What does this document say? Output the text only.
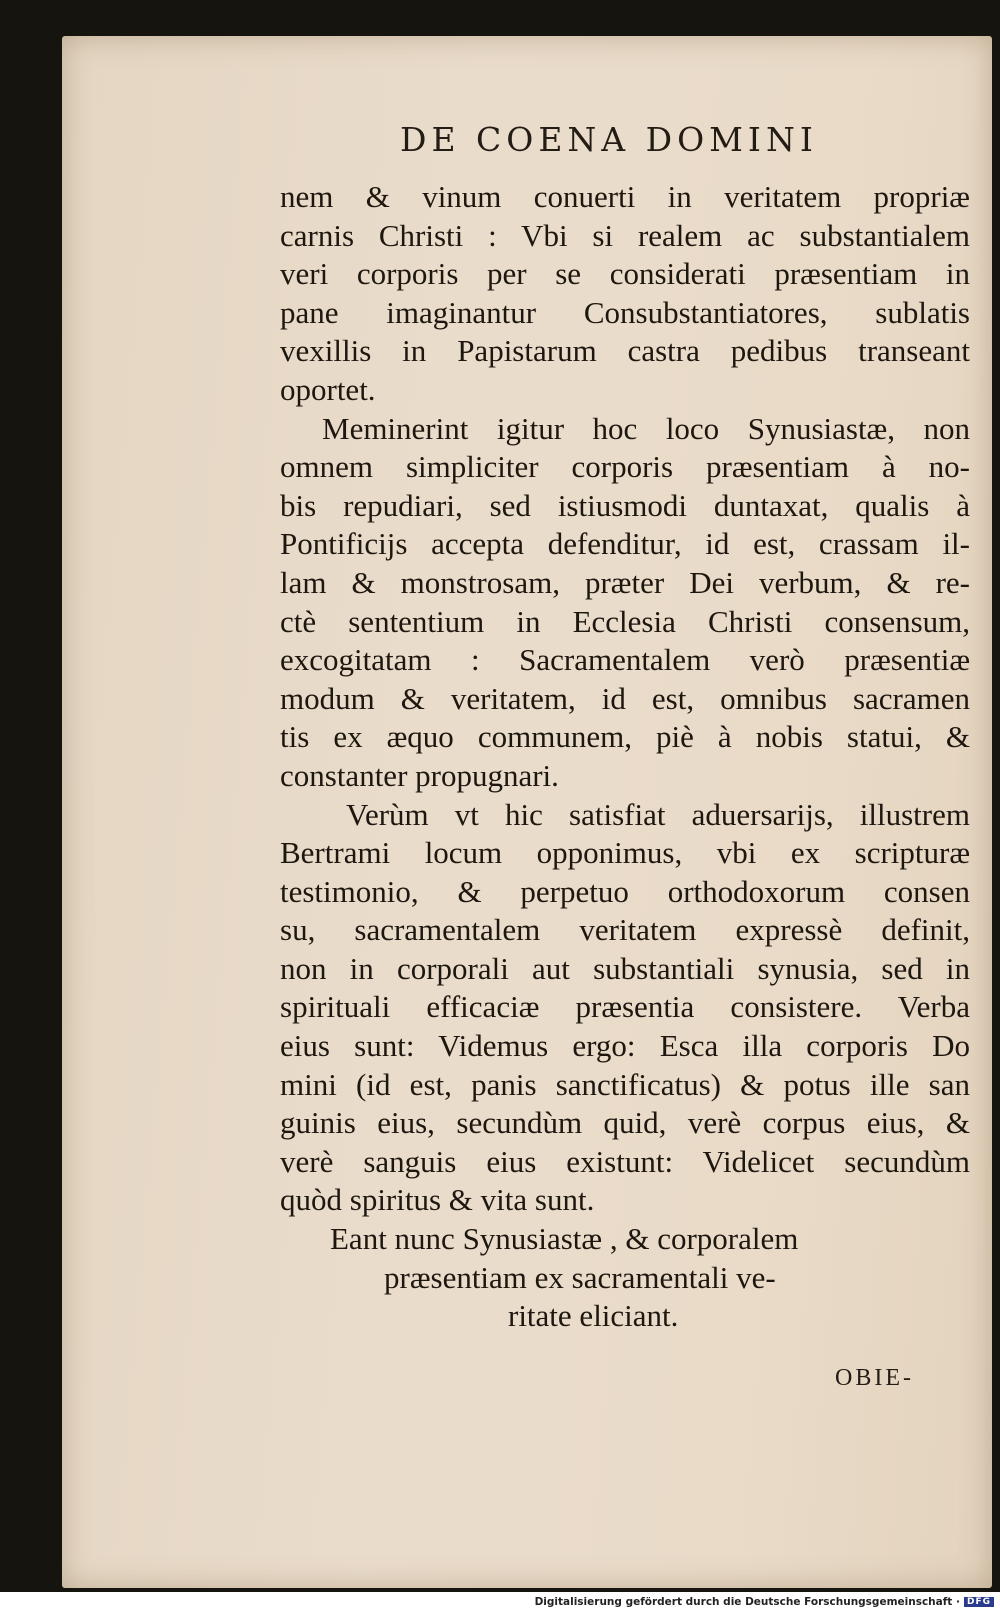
DE COENA DOMINI
nem & vinum conuerti in veritatem propriæ
carnis Christi : Vbi si realem ac substantialem
veri corporis per se considerati præsentiam in
pane imaginantur Consubstantiatores, sublatis
vexillis in Papistarum castra pedibus transeant
oportet.
Meminerint igitur hoc loco Synusiastæ, non
omnem simpliciter corporis præsentiam à no-
bis repudiari, sed istiusmodi duntaxat, qualis à
Pontificijs accepta defenditur, id est, crassam il-
lam & monstrosam, præter Dei verbum, & re-
ctè sententium in Ecclesia Christi consensum,
excogitatam : Sacramentalem verò præsentiæ
modum & veritatem, id est, omnibus sacramen
tis ex æquo communem, piè à nobis statui, &
constanter propugnari.
Verùm vt hic satisfiat aduersarijs, illustrem
Bertrami locum opponimus, vbi ex scripturæ
testimonio, & perpetuo orthodoxorum consen
su, sacramentalem veritatem expressè definit,
non in corporali aut substantiali synusia, sed in
spirituali efficaciæ præsentia consistere. Verba
eius sunt: Videmus ergo: Esca illa corporis Do
mini (id est, panis sanctificatus) & potus ille san
guinis eius, secundùm quid, verè corpus eius, &
verè sanguis eius existunt: Videlicet secundùm
quòd spiritus & vita sunt.
Eant nunc Synusiastæ , & corporalem
præsentiam ex sacramentali ve-
ritate eliciant.
OBIE-
Digitalisierung gefördert durch die Deutsche Forschungsgemeinschaft · DFG
